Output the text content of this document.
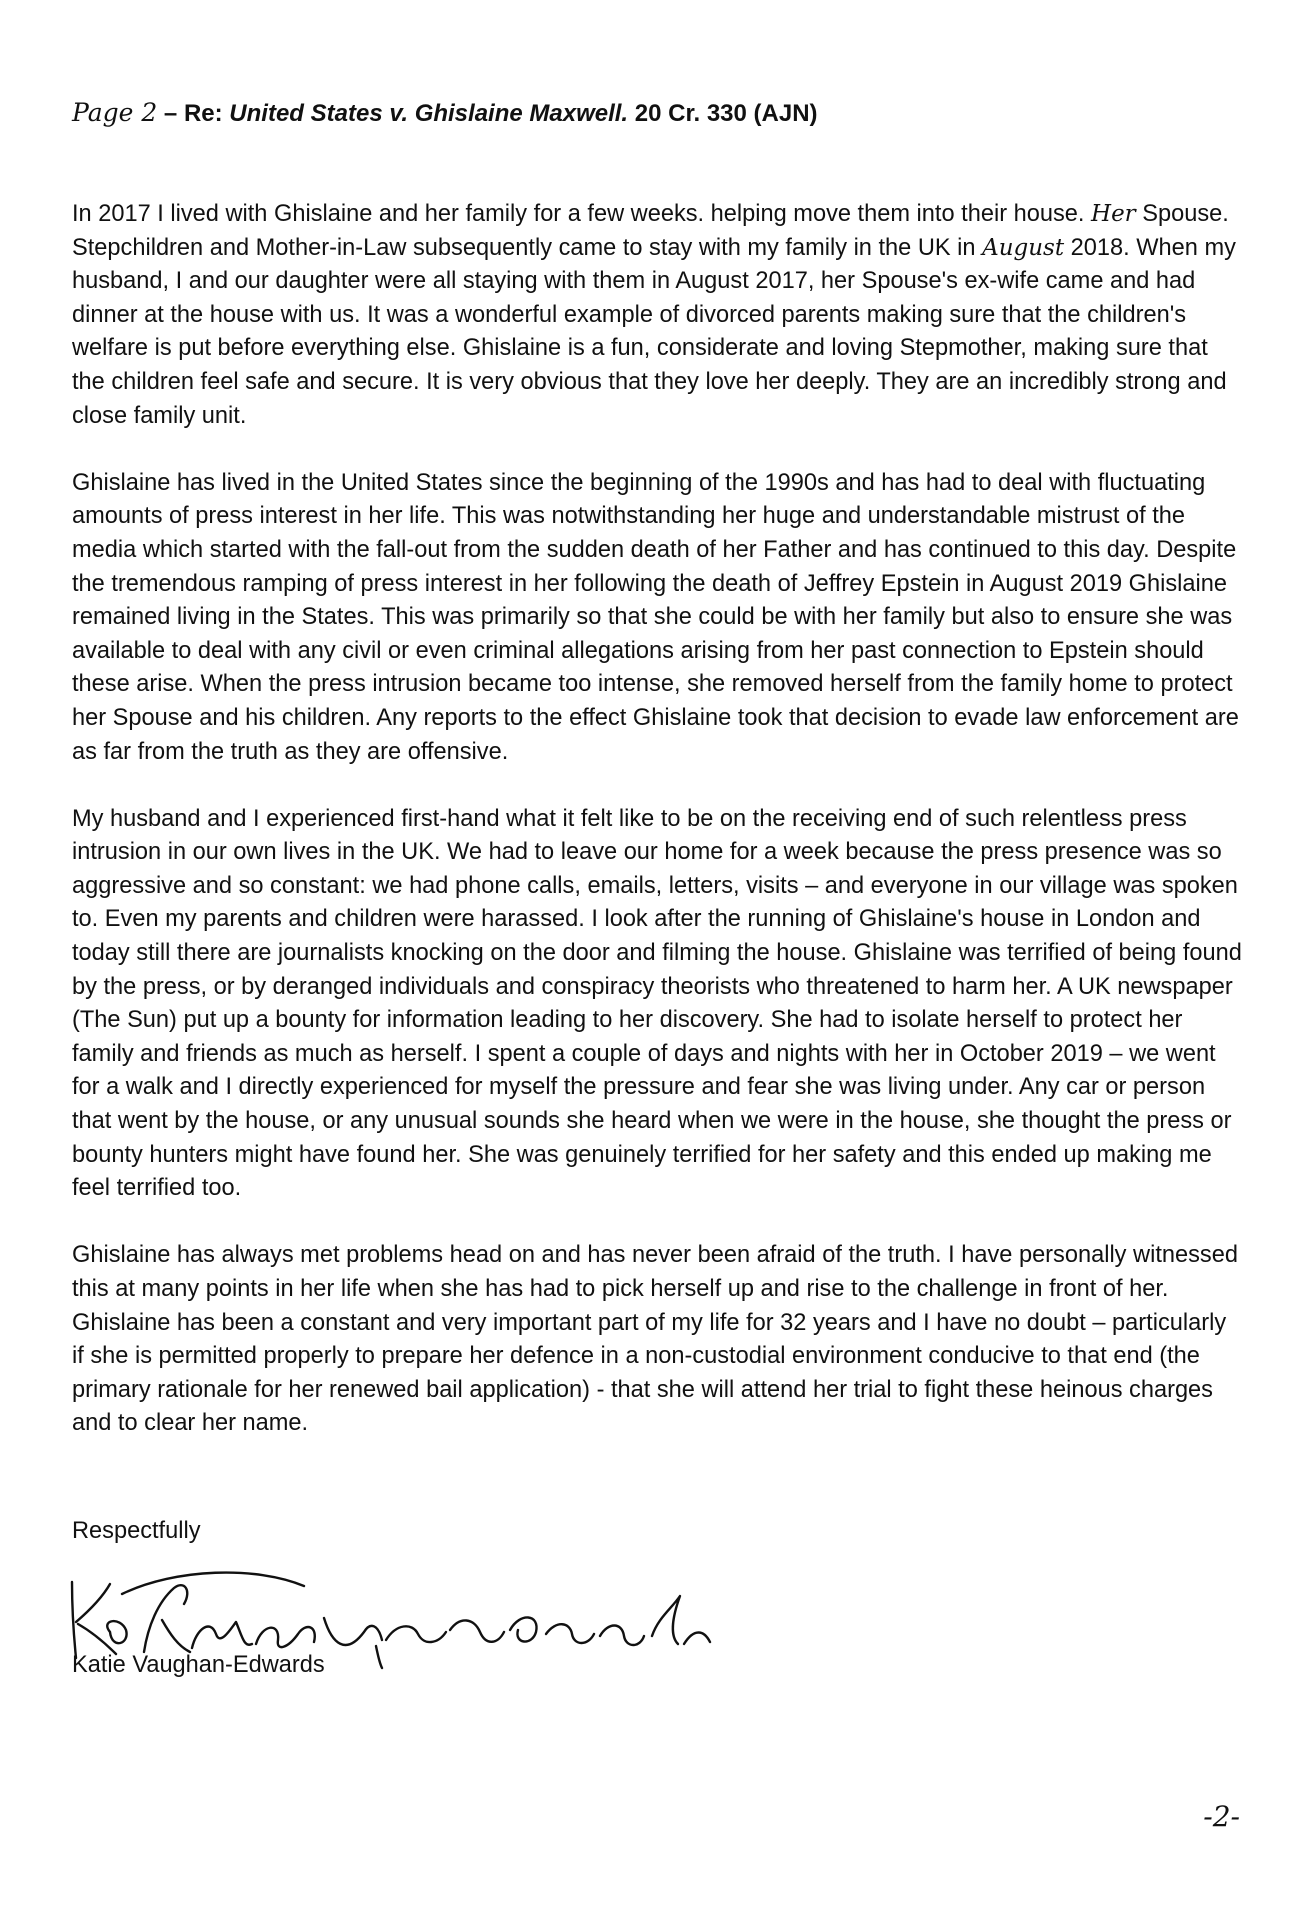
Page 2 – Re: United States v. Ghislaine Maxwell. 20 Cr. 330 (AJN)

In 2017 I lived with Ghislaine and her family for a few weeks. helping move them into their house. Her Spouse. Stepchildren and Mother-in-Law subsequently came to stay with my family in the UK in August 2018. When my husband, I and our daughter were all staying with them in August 2017, her Spouse's ex-wife came and had dinner at the house with us. It was a wonderful example of divorced parents making sure that the children's welfare is put before everything else. Ghislaine is a fun, considerate and loving Stepmother, making sure that the children feel safe and secure. It is very obvious that they love her deeply. They are an incredibly strong and close family unit.

Ghislaine has lived in the United States since the beginning of the 1990s and has had to deal with fluctuating amounts of press interest in her life. This was notwithstanding her huge and understandable mistrust of the media which started with the fall-out from the sudden death of her Father and has continued to this day. Despite the tremendous ramping of press interest in her following the death of Jeffrey Epstein in August 2019 Ghislaine remained living in the States. This was primarily so that she could be with her family but also to ensure she was available to deal with any civil or even criminal allegations arising from her past connection to Epstein should these arise. When the press intrusion became too intense, she removed herself from the family home to protect her Spouse and his children. Any reports to the effect Ghislaine took that decision to evade law enforcement are as far from the truth as they are offensive.

My husband and I experienced first-hand what it felt like to be on the receiving end of such relentless press intrusion in our own lives in the UK. We had to leave our home for a week because the press presence was so aggressive and so constant: we had phone calls, emails, letters, visits – and everyone in our village was spoken to. Even my parents and children were harassed. I look after the running of Ghislaine's house in London and today still there are journalists knocking on the door and filming the house. Ghislaine was terrified of being found by the press, or by deranged individuals and conspiracy theorists who threatened to harm her. A UK newspaper (The Sun) put up a bounty for information leading to her discovery. She had to isolate herself to protect her family and friends as much as herself. I spent a couple of days and nights with her in October 2019 – we went for a walk and I directly experienced for myself the pressure and fear she was living under. Any car or person that went by the house, or any unusual sounds she heard when we were in the house, she thought the press or bounty hunters might have found her. She was genuinely terrified for her safety and this ended up making me feel terrified too.

Ghislaine has always met problems head on and has never been afraid of the truth. I have personally witnessed this at many points in her life when she has had to pick herself up and rise to the challenge in front of her. Ghislaine has been a constant and very important part of my life for 32 years and I have no doubt – particularly if she is permitted properly to prepare her defence in a non-custodial environment conducive to that end (the primary rationale for her renewed bail application) - that she will attend her trial to fight these heinous charges and to clear her name.

Respectfully
Katie Vaughan-Edwards
-2-
